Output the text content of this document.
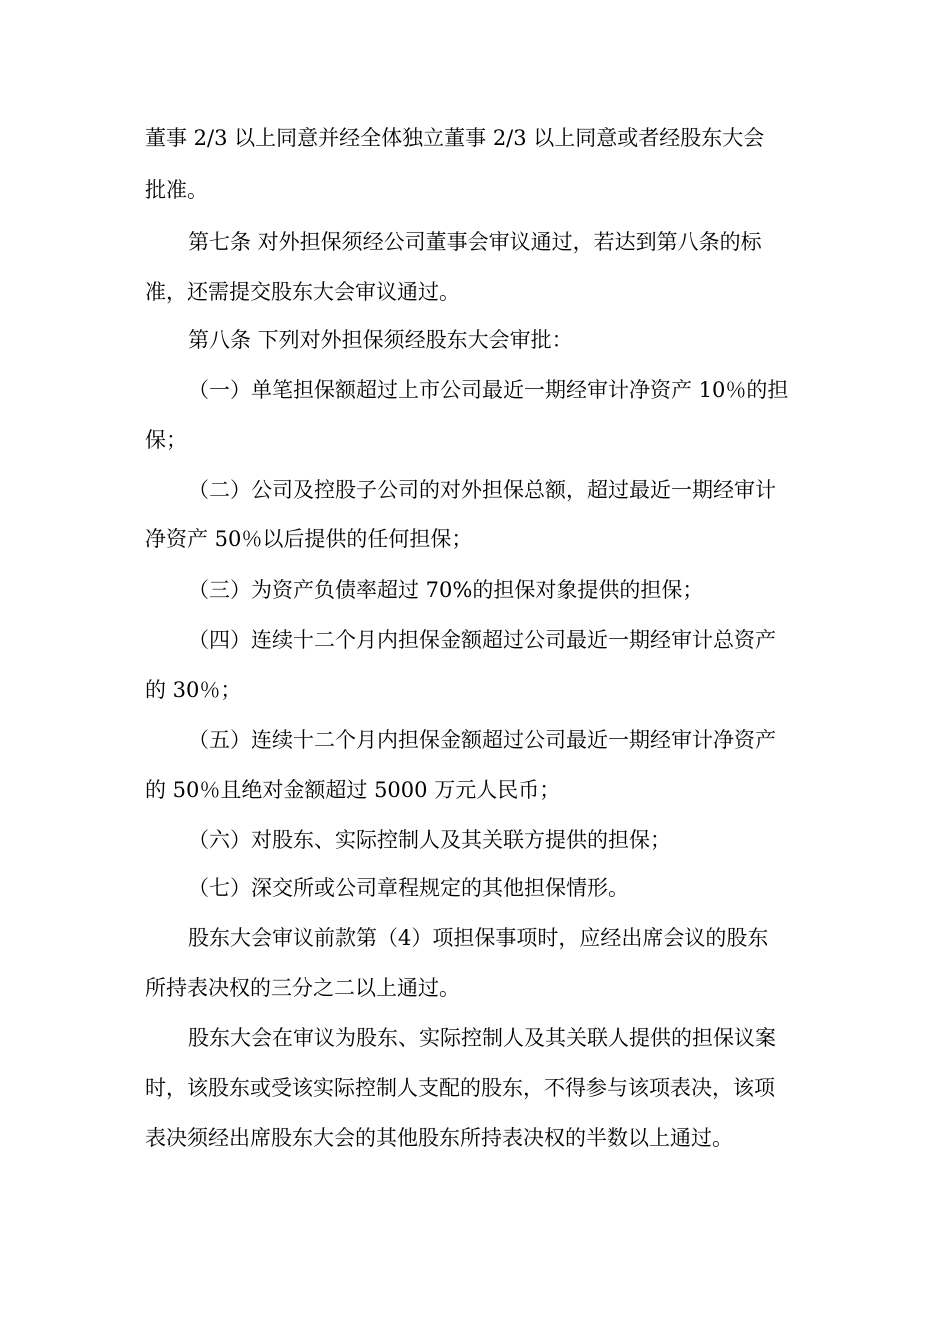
董事 2/3 以上同意并经全体独立董事 2/3 以上同意或者经股东大会

批准。

第七条 对外担保须经公司董事会审议通过，若达到第八条的标

准，还需提交股东大会审议通过。

第八条 下列对外担保须经股东大会审批：

（一）单笔担保额超过上市公司最近一期经审计净资产 10％的担

保；

（二）公司及控股子公司的对外担保总额，超过最近一期经审计

净资产 50％以后提供的任何担保；

（三）为资产负债率超过 70%的担保对象提供的担保；

（四）连续十二个月内担保金额超过公司最近一期经审计总资产

的 30％；

（五）连续十二个月内担保金额超过公司最近一期经审计净资产

的 50％且绝对金额超过 5000 万元人民币；

（六）对股东、实际控制人及其关联方提供的担保；

（七）深交所或公司章程规定的其他担保情形。

股东大会审议前款第（4）项担保事项时，应经出席会议的股东

所持表决权的三分之二以上通过。

股东大会在审议为股东、实际控制人及其关联人提供的担保议案

时，该股东或受该实际控制人支配的股东，不得参与该项表决，该项

表决须经出席股东大会的其他股东所持表决权的半数以上通过。
